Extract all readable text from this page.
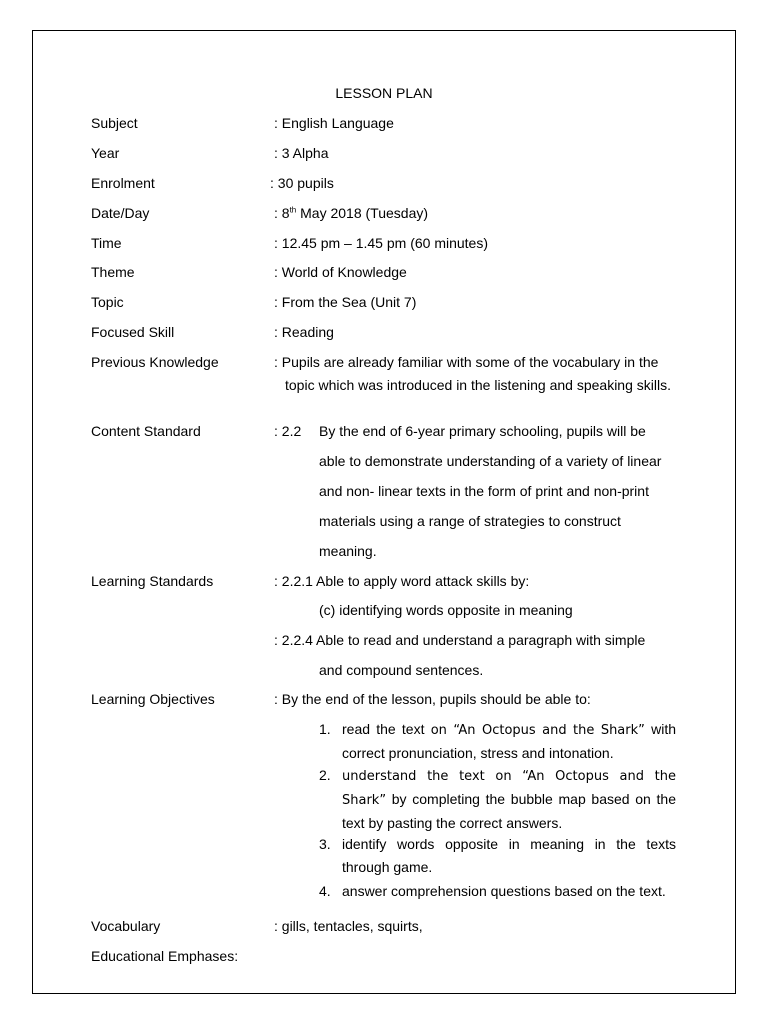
LESSON PLAN
Subject	: English Language
Year	: 3 Alpha
Enrolment	: 30 pupils
Date/Day	: 8th May 2018 (Tuesday)
Time	: 12.45 pm – 1.45 pm (60 minutes)
Theme	: World of Knowledge
Topic	: From the Sea (Unit 7)
Focused Skill	: Reading
Previous Knowledge	: Pupils are already familiar with some of the vocabulary in the
topic which was introduced in the listening and speaking skills.
Content Standard	: 2.2 By the end of 6-year primary schooling, pupils will be
able to demonstrate understanding of a variety of linear
and non- linear texts in the form of print and non-print
materials using a range of strategies to construct
meaning.
Learning Standards	: 2.2.1 Able to apply word attack skills by:
(c) identifying words opposite in meaning
: 2.2.4 Able to read and understand a paragraph with simple
and compound sentences.
Learning Objectives	: By the end of the lesson, pupils should be able to:
1. read the text on “An Octopus and the Shark” with correct pronunciation, stress and intonation.
2. understand the text on “An Octopus and the Shark” by completing the bubble map based on the text by pasting the correct answers.
3. identify words opposite in meaning in the texts through game.
4. answer comprehension questions based on the text.
Vocabulary	: gills, tentacles, squirts,
Educational Emphases:
